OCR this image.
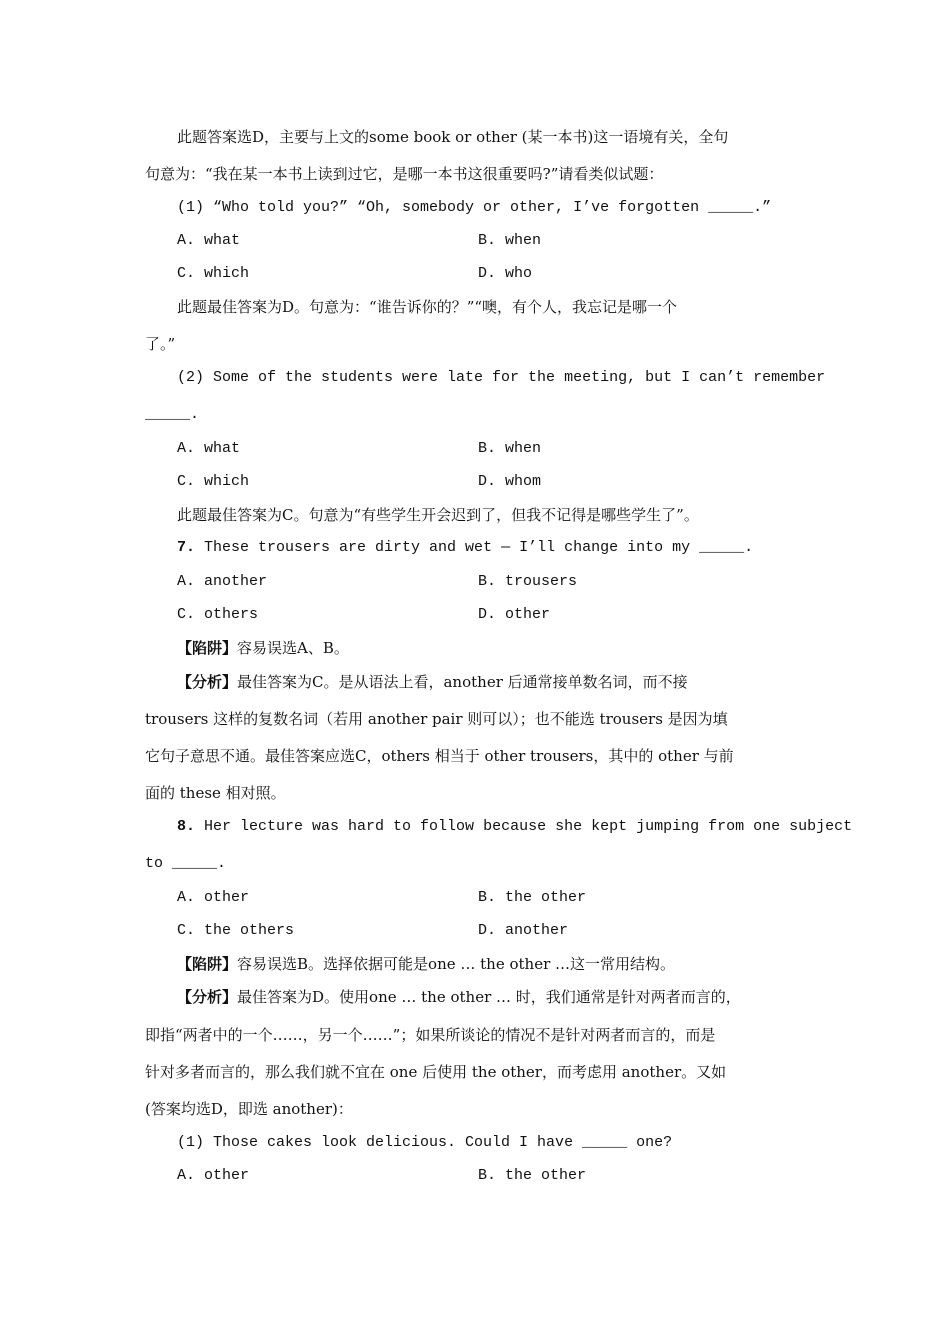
此题答案选D，主要与上文的some book or other (某一本书)这一语境有关，全句
句意为：“我在某一本书上读到过它，是哪一本书这很重要吗?”请看类似试题：
(1) “Who told you?” “Oh, somebody or other, I’ve forgotten _____.”
A. what	B. when
C. which	D. who
此题最佳答案为D。句意为：“谁告诉你的？”“噢，有个人，我忘记是哪一个
了。”
(2) Some of the students were late for the meeting, but I can’t remember
_____.
A. what	B. when
C. which	D. whom
此题最佳答案为C。句意为“有些学生开会迟到了，但我不记得是哪些学生了”。
7. These trousers are dirty and wet — I’ll change into my _____.
A. another	B. trousers
C. others	D. other
【陷阱】容易误选A、B。
【分析】最佳答案为C。是从语法上看，another 后通常接单数名词，而不接
trousers 这样的复数名词（若用 another pair 则可以）；也不能选 trousers 是因为填
它句子意思不通。最佳答案应选C，others 相当于 other trousers，其中的 other 与前
面的 these 相对照。
8. Her lecture was hard to follow because she kept jumping from one subject
to _____.
A. other	B. the other
C. the others	D. another
【陷阱】容易误选B。选择依据可能是one … the other …这一常用结构。
【分析】最佳答案为D。使用one … the other … 时，我们通常是针对两者而言的，
即指“两者中的一个……，另一个……”；如果所谈论的情况不是针对两者而言的，而是
针对多者而言的，那么我们就不宜在 one 后使用 the other，而考虑用 another。又如
(答案均选D，即选 another)：
(1) Those cakes look delicious. Could I have _____ one?
A. other	B. the other
